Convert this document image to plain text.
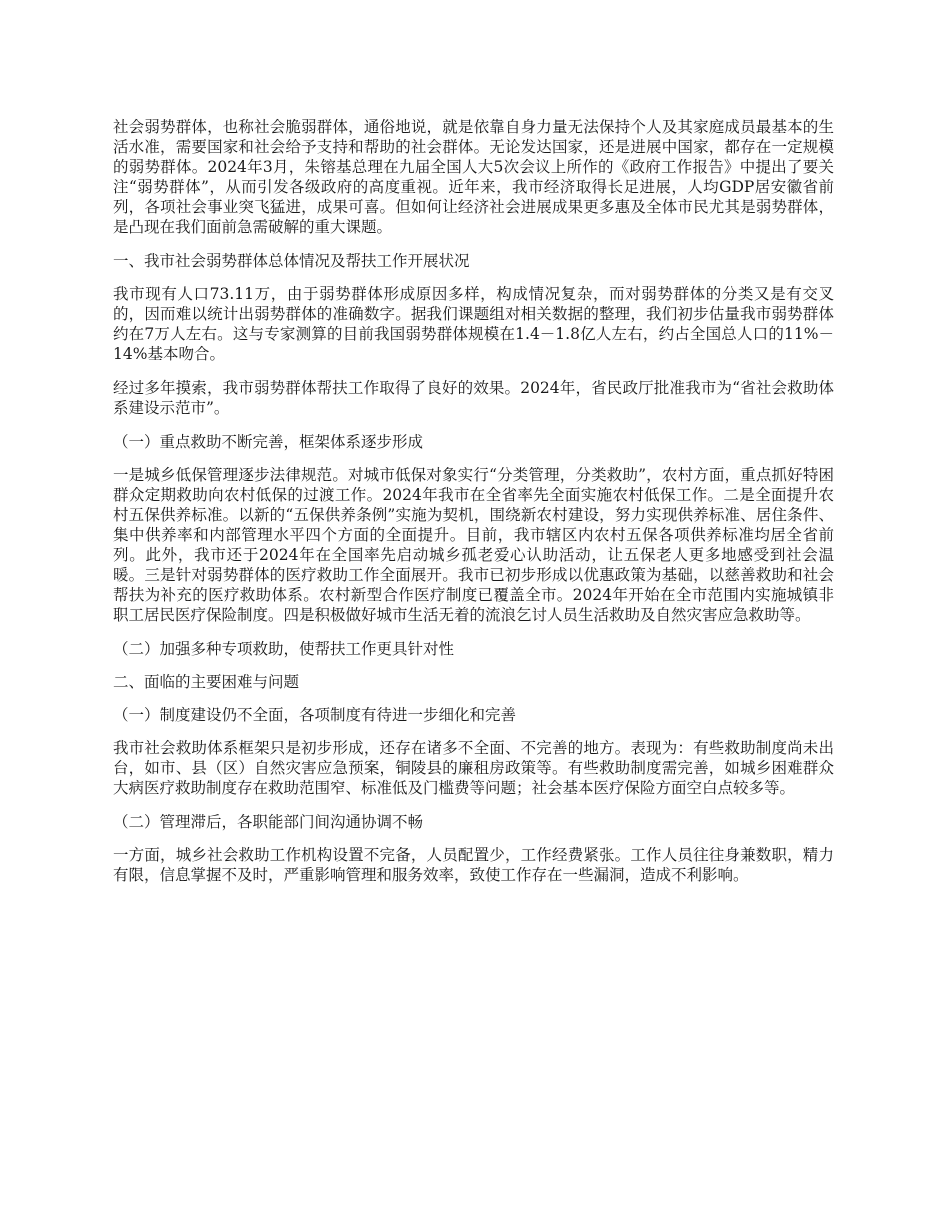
社会弱势群体，也称社会脆弱群体，通俗地说，就是依靠自身力量无法保持个人及其家庭成员最基本的生活水准，需要国家和社会给予支持和帮助的社会群体。无论发达国家，还是进展中国家，都存在一定规模的弱势群体。2024年3月，朱镕基总理在九届全国人大5次会议上所作的《政府工作报告》中提出了要关注“弱势群体”，从而引发各级政府的高度重视。近年来，我市经济取得长足进展，人均GDP居安徽省前列，各项社会事业突飞猛进，成果可喜。但如何让经济社会进展成果更多惠及全体市民尤其是弱势群体，是凸现在我们面前急需破解的重大课题。

一、我市社会弱势群体总体情况及帮扶工作开展状况

我市现有人口73.11万，由于弱势群体形成原因多样，构成情况复杂，而对弱势群体的分类又是有交叉的，因而难以统计出弱势群体的准确数字。据我们课题组对相关数据的整理，我们初步估量我市弱势群体约在7万人左右。这与专家测算的目前我国弱势群体规模在1.4－1.8亿人左右，约占全国总人口的11%－14%基本吻合。

经过多年摸索，我市弱势群体帮扶工作取得了良好的效果。2024年，省民政厅批准我市为“省社会救助体系建设示范市”。

（一）重点救助不断完善，框架体系逐步形成

一是城乡低保管理逐步法律规范。对城市低保对象实行“分类管理，分类救助”，农村方面，重点抓好特困群众定期救助向农村低保的过渡工作。2024年我市在全省率先全面实施农村低保工作。二是全面提升农村五保供养标准。以新的“五保供养条例”实施为契机，围绕新农村建设，努力实现供养标准、居住条件、集中供养率和内部管理水平四个方面的全面提升。目前，我市辖区内农村五保各项供养标准均居全省前列。此外，我市还于2024年在全国率先启动城乡孤老爱心认助活动，让五保老人更多地感受到社会温暖。三是针对弱势群体的医疗救助工作全面展开。我市已初步形成以优惠政策为基础，以慈善救助和社会帮扶为补充的医疗救助体系。农村新型合作医疗制度已覆盖全市。2024年开始在全市范围内实施城镇非职工居民医疗保险制度。四是积极做好城市生活无着的流浪乞讨人员生活救助及自然灾害应急救助等。

（二）加强多种专项救助，使帮扶工作更具针对性

二、面临的主要困难与问题

（一）制度建设仍不全面，各项制度有待进一步细化和完善

我市社会救助体系框架只是初步形成，还存在诸多不全面、不完善的地方。表现为：有些救助制度尚未出台，如市、县（区）自然灾害应急预案，铜陵县的廉租房政策等。有些救助制度需完善，如城乡困难群众大病医疗救助制度存在救助范围窄、标准低及门槛费等问题；社会基本医疗保险方面空白点较多等。

（二）管理滞后，各职能部门间沟通协调不畅

一方面，城乡社会救助工作机构设置不完备，人员配置少，工作经费紧张。工作人员往往身兼数职，精力有限，信息掌握不及时，严重影响管理和服务效率，致使工作存在一些漏洞，造成不利影响。
